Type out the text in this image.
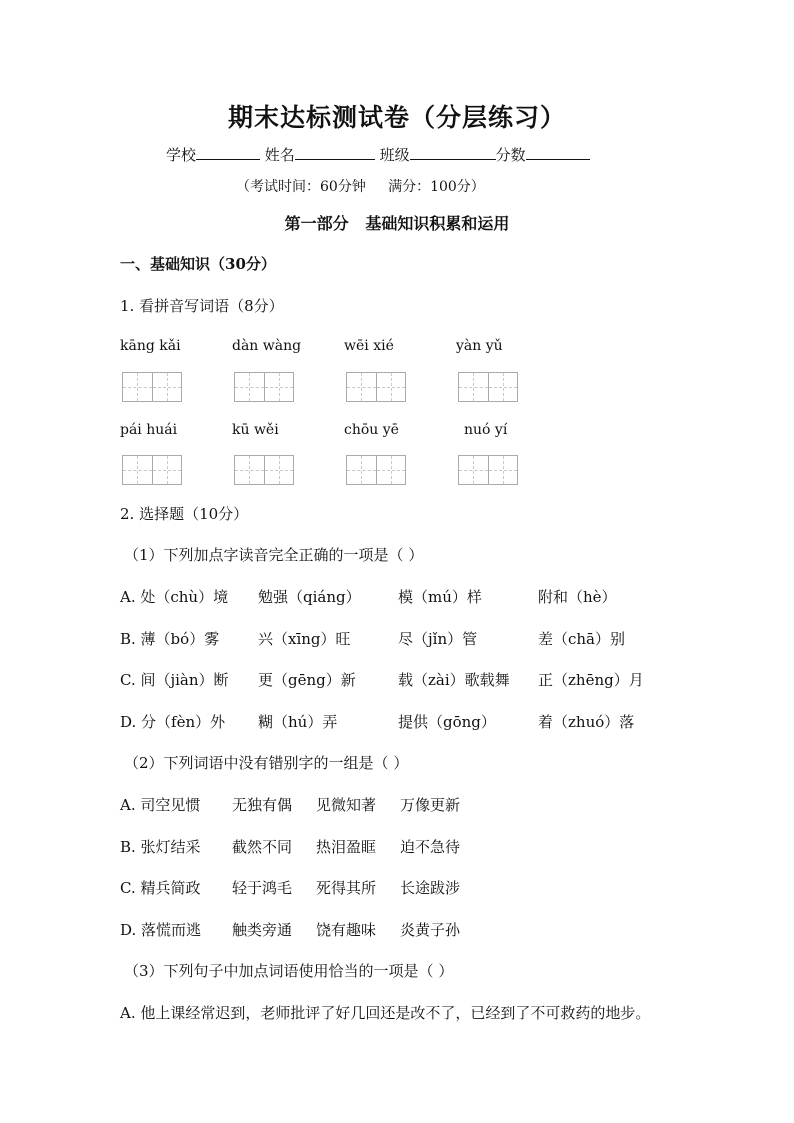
期末达标测试卷（分层练习）
学校	姓名	班级	分数
（考试时间：60分钟     满分：100分）
第一部分   基础知识积累和运用
一、基础知识（30分）
1. 看拼音写词语（8分）
kāng kǎi	dàn wàng	wēi xié	yàn yǔ
pái huái	kū wěi	chōu yē	nuó yí
2. 选择题（10分）
（1）下列加点字读音完全正确的一项是（ ）
A. 处（chù）境 勉强（qiáng） 模（mú）样	附和（hè）
B. 薄（bó）雾	兴（xīng）旺	尽（jǐn）管	差（chā）别
C. 间（jiàn）断 更（gēng）新	载（zài）歌载舞 正（zhēng）月
D. 分（fèn）外 糊（hú）弄	提供（gōng）	着（zhuó）落
（2）下列词语中没有错别字的一组是（ ）
A. 司空见惯 无独有偶 见微知著 万像更新
B. 张灯结采 截然不同 热泪盈眶 迫不急待
C. 精兵简政 轻于鸿毛 死得其所 长途跋涉
D. 落慌而逃 触类旁通 饶有趣味 炎黄子孙
（3）下列句子中加点词语使用恰当的一项是（ ）
A. 他上课经常迟到，老师批评了好几回还是改不了，已经到了不可救药的地步。
